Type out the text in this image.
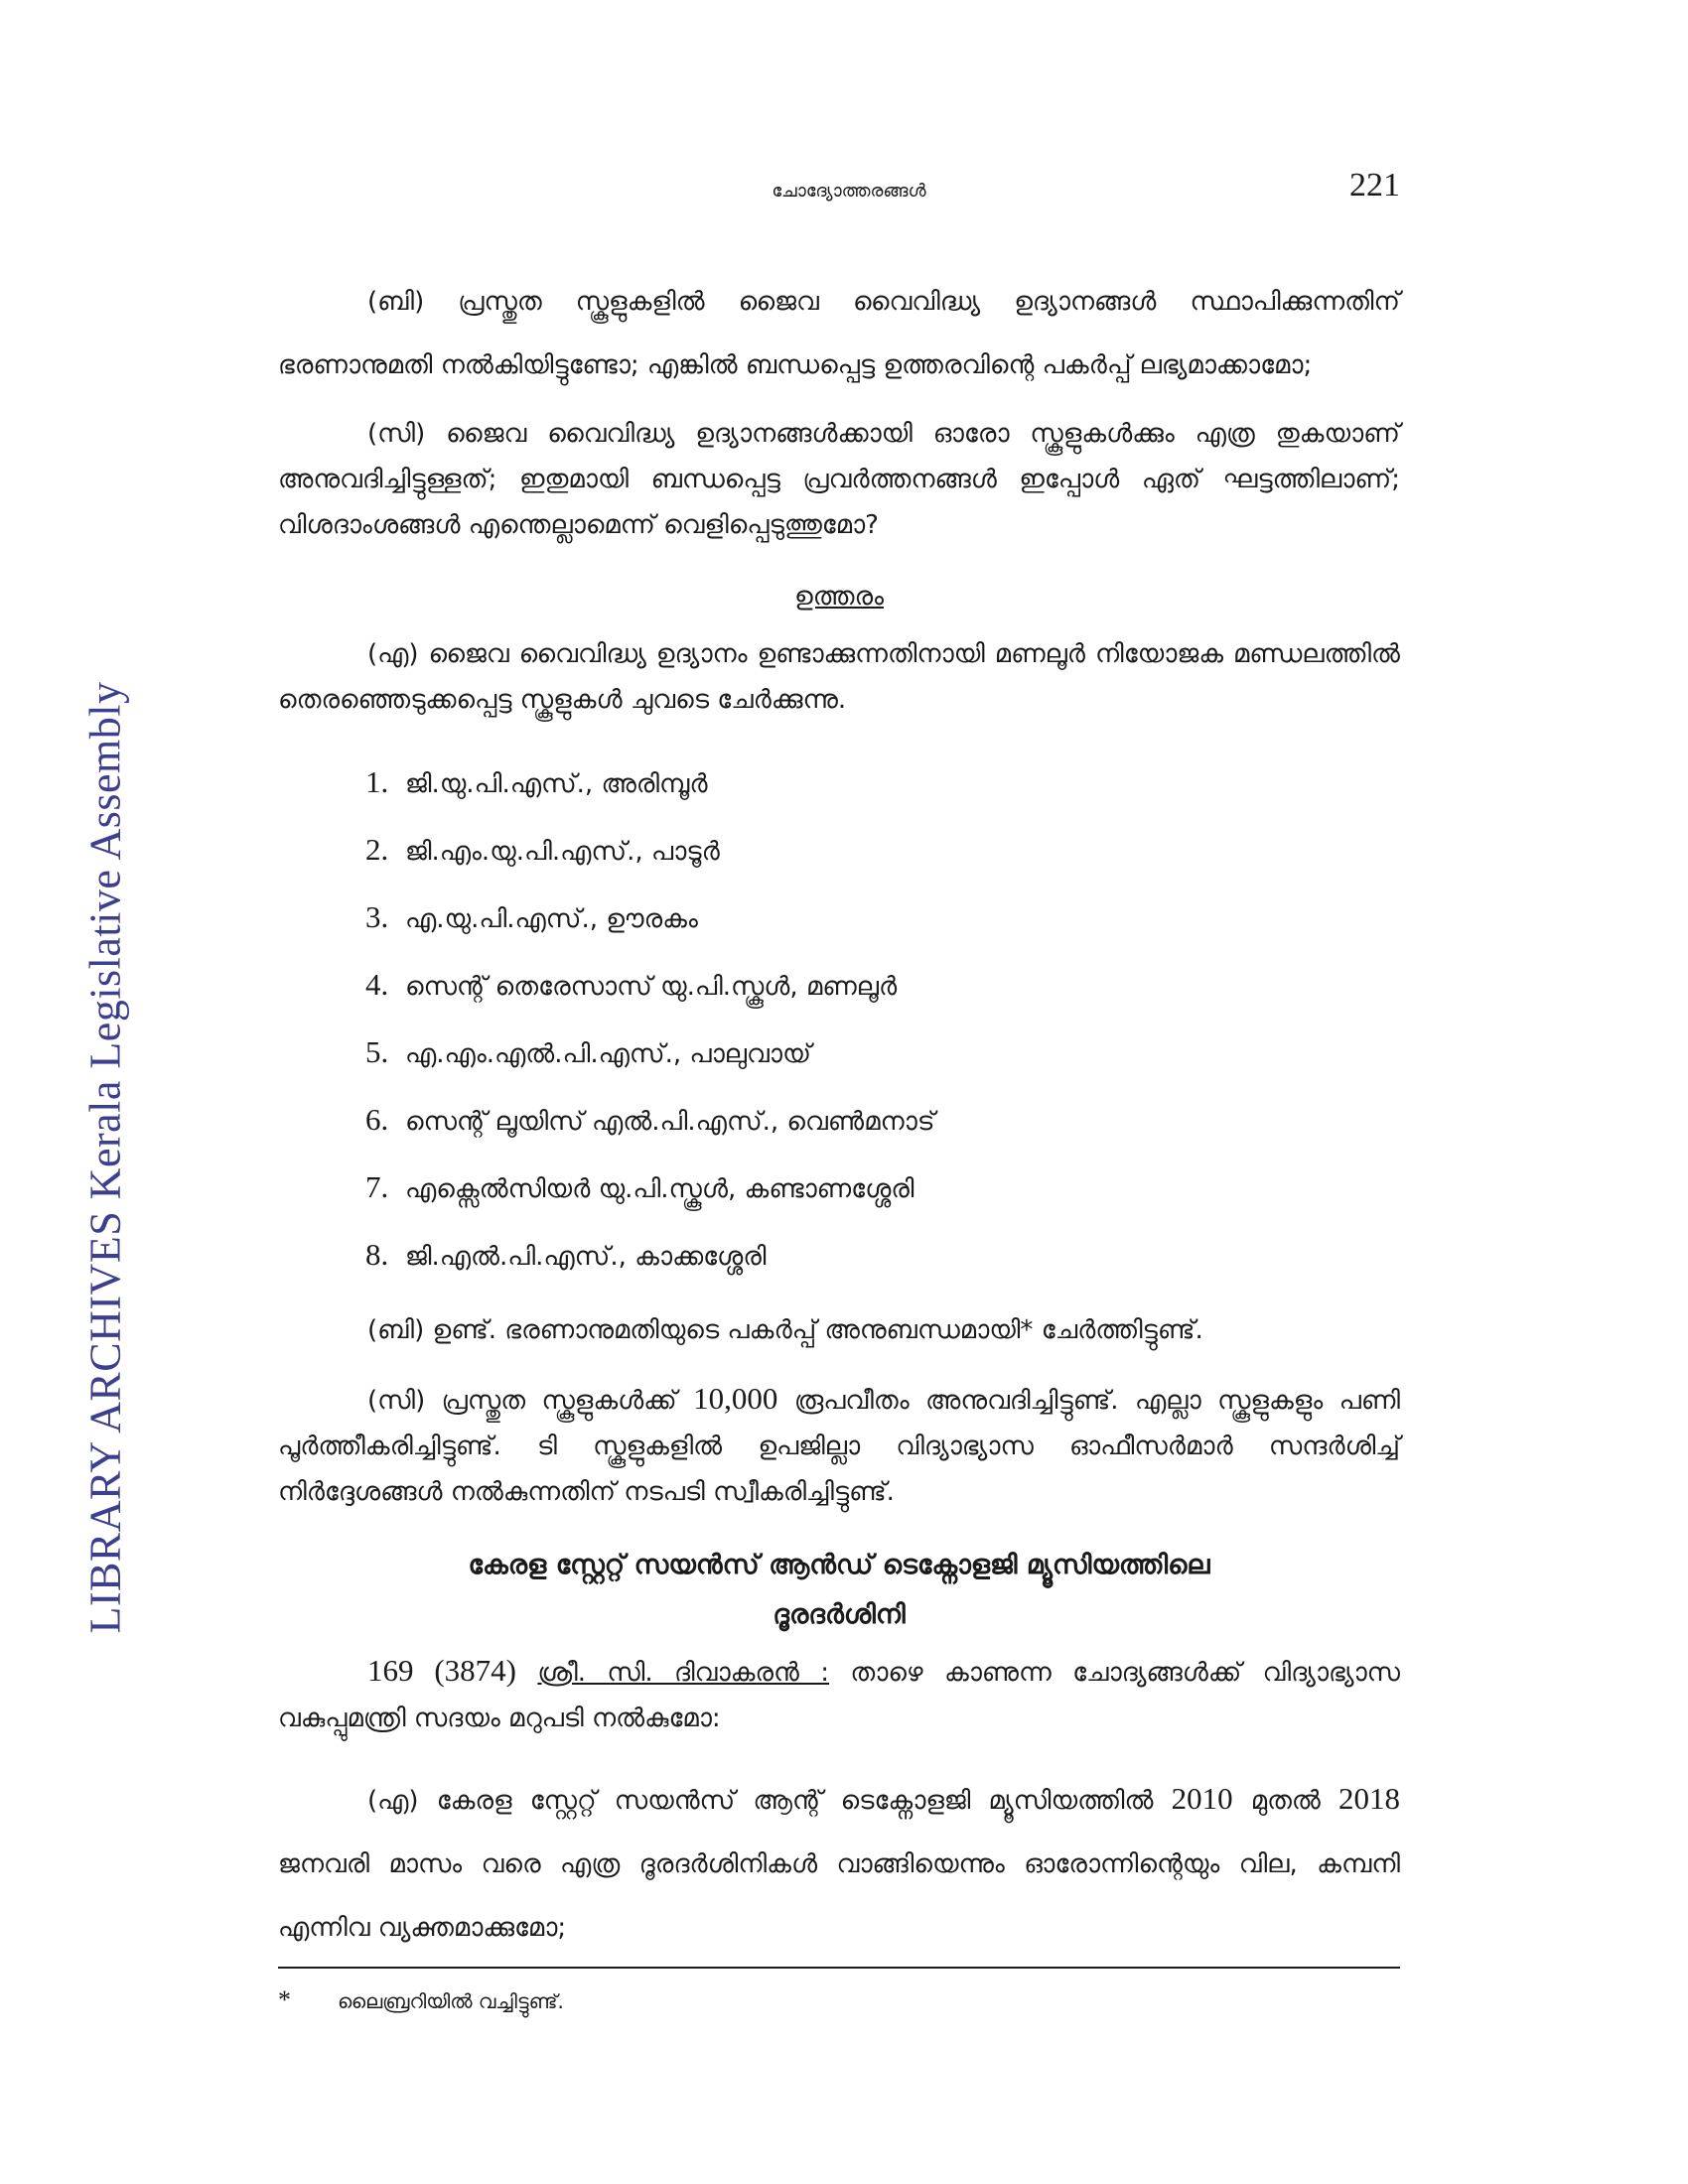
LIBRARY ARCHIVES Kerala Legislative Assembly
ചോദ്യോത്തരങ്ങൾ	221

(ബി) പ്രസ്തുത സ്കൂളുകളിൽ ജൈവ വൈവിദ്ധ്യ ഉദ്യാനങ്ങൾ സ്ഥാപിക്കുന്നതിന് ഭരണാനുമതി നൽകിയിട്ടുണ്ടോ; എങ്കിൽ ബന്ധപ്പെട്ട ഉത്തരവിന്റെ പകർപ്പ് ലഭ്യമാക്കാമോ;

(സി) ജൈവ വൈവിദ്ധ്യ ഉദ്യാനങ്ങൾക്കായി ഓരോ സ്കൂളുകൾക്കും എത്ര തുകയാണ് അനുവദിച്ചിട്ടുള്ളത്; ഇതുമായി ബന്ധപ്പെട്ട പ്രവർത്തനങ്ങൾ ഇപ്പോൾ ഏത് ഘട്ടത്തിലാണ്; വിശദാംശങ്ങൾ എന്തെല്ലാമെന്ന് വെളിപ്പെടുത്തുമോ?

ഉത്തരം

(എ) ജൈവ വൈവിദ്ധ്യ ഉദ്യാനം ഉണ്ടാക്കുന്നതിനായി മണലൂർ നിയോജക മണ്ഡലത്തിൽ തെരഞ്ഞെടുക്കപ്പെട്ട സ്കൂളുകൾ ചുവടെ ചേർക്കുന്നു.

1. ജി.യു.പി.എസ്., അരിമ്പൂർ
2. ജി.എം.യു.പി.എസ്., പാടൂർ
3. എ.യു.പി.എസ്., ഊരകം
4. സെന്റ് തെരേസാസ് യു.പി.സ്കൂൾ, മണലൂർ
5. എ.എം.എൽ.പി.എസ്., പാലുവായ്
6. സെന്റ് ലൂയിസ് എൽ.പി.എസ്., വെൺമനാട്
7. എക്സെൽസിയർ യു.പി.സ്കൂൾ, കണ്ടാണശ്ശേരി
8. ജി.എൽ.പി.എസ്., കാക്കശ്ശേരി

(ബി) ഉണ്ട്. ഭരണാനുമതിയുടെ പകർപ്പ് അനുബന്ധമായി* ചേർത്തിട്ടുണ്ട്.

(സി) പ്രസ്തുത സ്കൂളുകൾക്ക് 10,000 രൂപവീതം അനുവദിച്ചിട്ടുണ്ട്. എല്ലാ സ്കൂളുകളും പണി പൂർത്തീകരിച്ചിട്ടുണ്ട്. ടി സ്കൂളുകളിൽ ഉപജില്ലാ വിദ്യാഭ്യാസ ഓഫീസർമാർ സന്ദർശിച്ച് നിർദ്ദേശങ്ങൾ നൽകുന്നതിന് നടപടി സ്വീകരിച്ചിട്ടുണ്ട്.

കേരള സ്റ്റേറ്റ് സയൻസ് ആൻഡ് ടെക്നോളജി മ്യൂസിയത്തിലെ
ദൂരദർശിനി

169 (3874) ശ്രീ. സി. ദിവാകരൻ : താഴെ കാണുന്ന ചോദ്യങ്ങൾക്ക് വിദ്യാഭ്യാസ വകുപ്പുമന്ത്രി സദയം മറുപടി നൽകുമോ:

(എ) കേരള സ്റ്റേറ്റ് സയൻസ് ആന്റ് ടെക്നോളജി മ്യൂസിയത്തിൽ 2010 മുതൽ 2018 ജനവരി മാസം വരെ എത്ര ദൂരദർശിനികൾ വാങ്ങിയെന്നും ഓരോന്നിന്റെയും വില, കമ്പനി എന്നിവ വ്യക്തമാക്കുമോ;

* ലൈബ്രറിയിൽ വച്ചിട്ടുണ്ട്.
